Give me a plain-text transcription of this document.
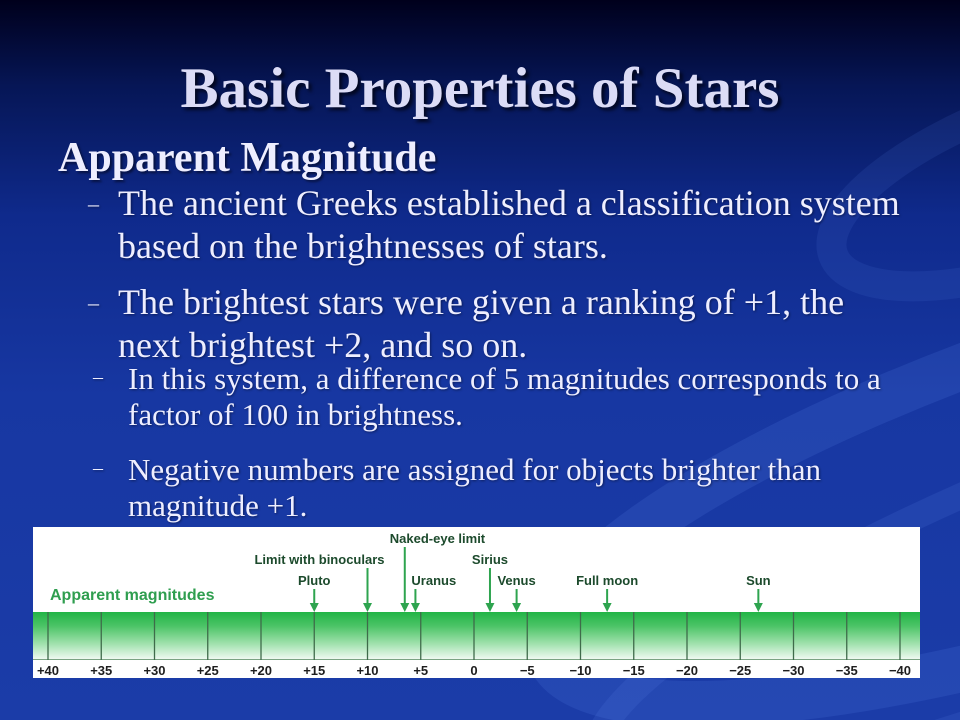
Basic Properties of Stars
Apparent Magnitude
– The ancient Greeks established a classification system
based on the brightnesses of stars.
– The brightest stars were given a ranking of +1, the
next brightest +2, and so on.
– In this system, a difference of 5 magnitudes corresponds to a
factor of 100 in brightness.
– Negative numbers are assigned for objects brighter than
magnitude +1.
Apparent magnitudes
+40 +35 +30 +25 +20 +15 +10	+5	0	−5	−10 −15 −20 −25 −30 −35 −40
Naked-eye limit
Limit with binoculars
Pluto	Uranus
Sirius
Venus	Full moon	Sun
